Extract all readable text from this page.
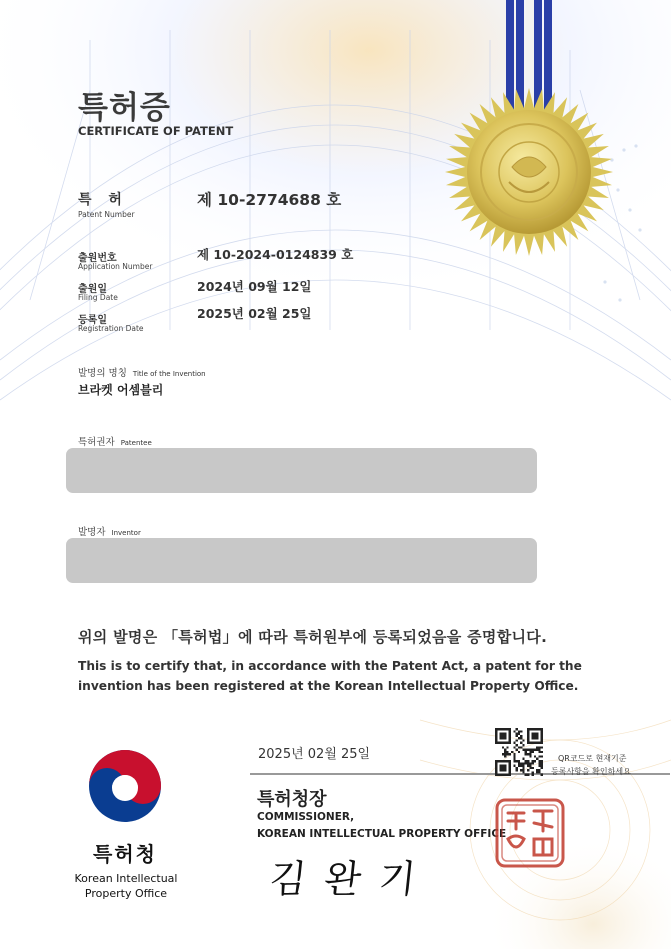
특허증
CERTIFICATE OF PATENT
특 허
Patent Number
제 10-2774688 호
출원번호
Application Number
제 10-2024-0124839 호
출원일
Filing Date
2024년 09월 12일
등록일
Registration Date
2025년 02월 25일
발명의 명칭 Title of the Invention
브라켓 어셈블리
특허권자 Patentee
발명자 Inventor
위의 발명은 「특허법」에 따라 특허원부에 등록되었음을 증명합니다.
This is to certify that, in accordance with the Patent Act, a patent for the
invention has been registered at the Korean Intellectual Property Office.
2025년 02월 25일	QR코드로 현재기준
등록사항을 확인하세요
특허청장
COMMISSIONER,
KOREAN INTELLECTUAL PROPERTY OFFICE
김완기
특허청
Korean Intellectual
Property Office
